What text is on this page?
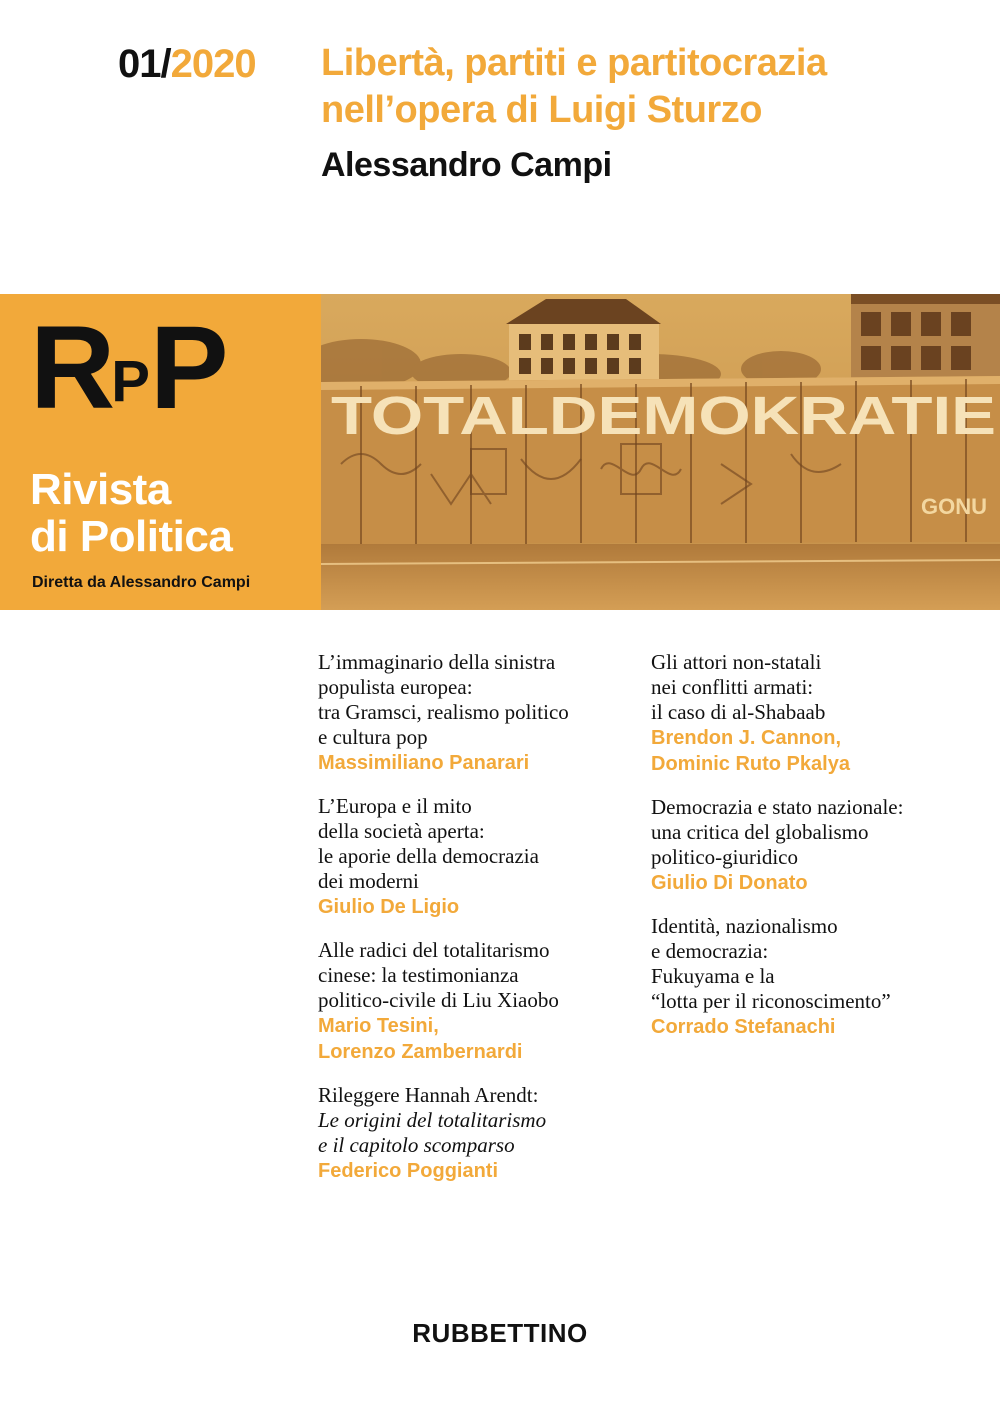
01/2020 Libertà, partiti e partitocrazia
nell’opera di Luigi Sturzo
Alessandro Campi
$R^PP$
Rivista
di Politica
Diretta da Alessandro Campi
TOTALDEMOKRATIE
GONU
L’immaginario della sinistra
populista europea:
tra Gramsci, realismo politico
e cultura pop
Massimiliano Panarari
L’Europa e il mito
della società aperta:
le aporie della democrazia
dei moderni
Giulio De Ligio
Alle radici del totalitarismo
cinese: la testimonianza
politico-civile di Liu Xiaobo
Mario Tesini,
Lorenzo Zambernardi
Rileggere Hannah Arendt:
Le origini del totalitarismo
e il capitolo scomparso
Federico Poggianti
Gli attori non-statali
nei conflitti armati:
il caso di al-Shabaab
Brendon J. Cannon,
Dominic Ruto Pkalya
Democrazia e stato nazionale:
una critica del globalismo
politico-giuridico
Giulio Di Donato
Identità, nazionalismo
e democrazia:
Fukuyama e la
“lotta per il riconoscimento”
Corrado Stefanachi
RUBBETTINO
